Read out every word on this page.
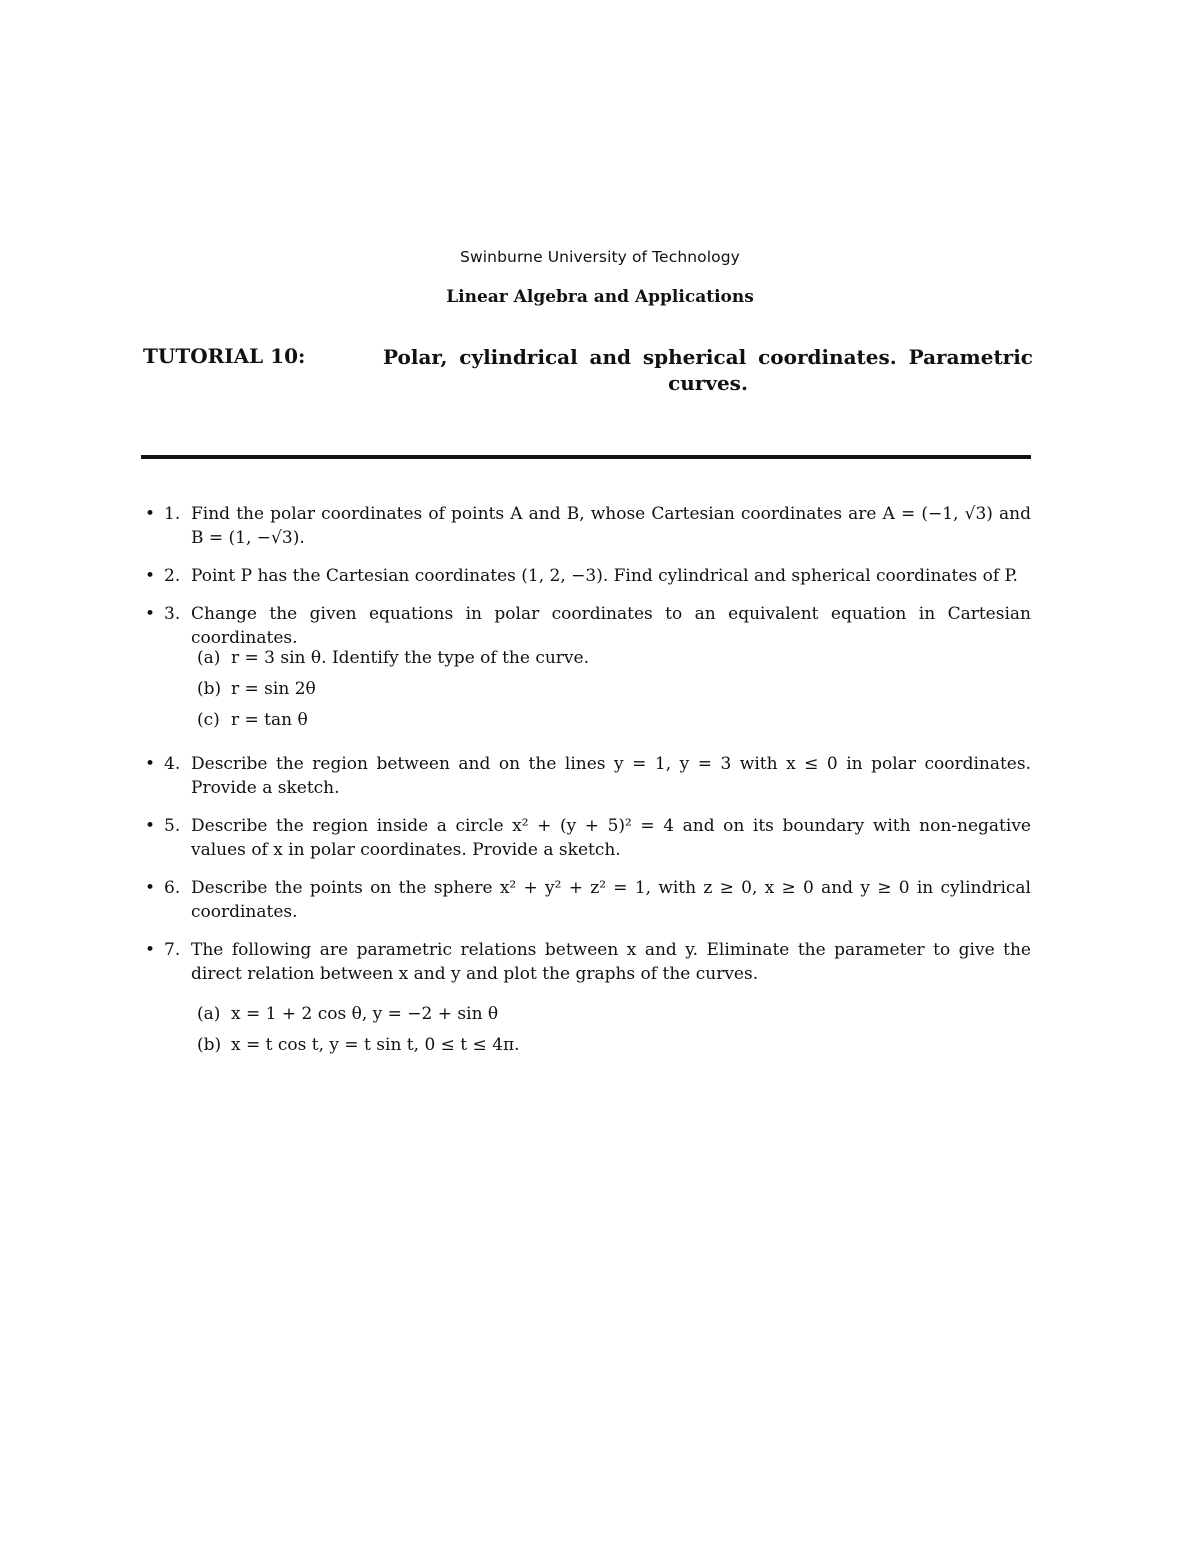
Swinburne University of Technology
Linear Algebra and Applications
TUTORIAL 10:	Polar, cylindrical and spherical coordinates. Parametric curves.
• 1. Find the polar coordinates of points A and B, whose Cartesian coordinates are A = (−1, √3) and B = (1, −√3).
• 2. Point P has the Cartesian coordinates (1, 2, −3). Find cylindrical and spherical coordinates of P.
• 3. Change the given equations in polar coordinates to an equivalent equation in Cartesian coordinates.
(a) r = 3 sin θ. Identify the type of the curve.
(b) r = sin 2θ
(c) r = tan θ
• 4. Describe the region between and on the lines y = 1, y = 3 with x ≤ 0 in polar coordinates. Provide a sketch.
• 5. Describe the region inside a circle x² + (y + 5)² = 4 and on its boundary with non-negative values of x in polar coordinates. Provide a sketch.
• 6. Describe the points on the sphere x² + y² + z² = 1, with z ≥ 0, x ≥ 0 and y ≥ 0 in cylindrical coordinates.
• 7. The following are parametric relations between x and y. Eliminate the parameter to give the direct relation between x and y and plot the graphs of the curves.
(a) x = 1 + 2 cos θ, y = −2 + sin θ
(b) x = t cos t, y = t sin t, 0 ≤ t ≤ 4π.
